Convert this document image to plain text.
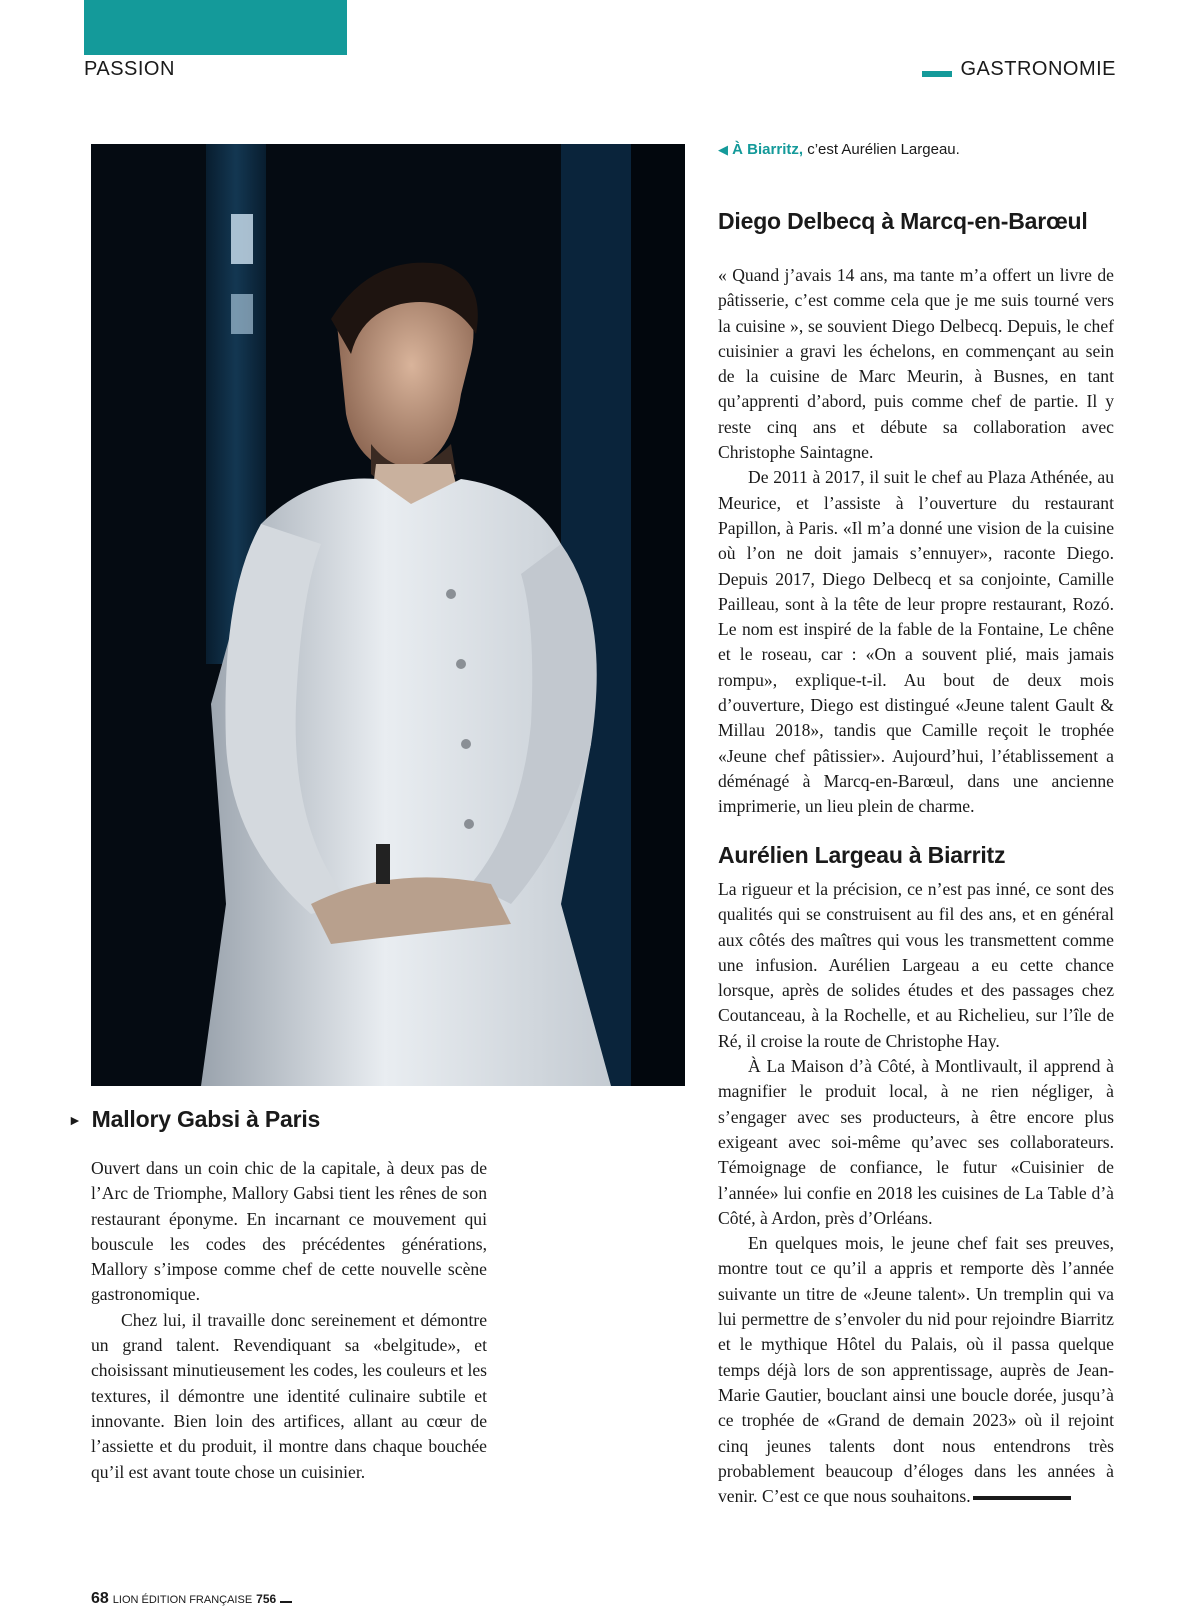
PASSION	GASTRONOMIE
◀ À Biarritz, c’est Aurélien Largeau.
Diego Delbecq à Marcq-en-Barœul

« Quand j’avais 14 ans, ma tante m’a offert un livre de pâtisserie, c’est comme cela que je me suis tourné vers la cuisine », se souvient Diego Delbecq. Depuis, le chef cuisinier a gravi les échelons, en commençant au sein de la cuisine de Marc Meurin, à Busnes, en tant qu’apprenti d’abord, puis comme chef de partie. Il y reste cinq ans et débute sa collaboration avec Christophe Saintagne.

De 2011 à 2017, il suit le chef au Plaza Athénée, au Meurice, et l’assiste à l’ouverture du restaurant Papillon, à Paris. «Il m’a donné une vision de la cuisine où l’on ne doit jamais s’ennuyer», raconte Diego. Depuis 2017, Diego Delbecq et sa conjointe, Camille Pailleau, sont à la tête de leur propre restaurant, Rozó. Le nom est inspiré de la fable de la Fontaine, Le chêne et le roseau, car : «On a souvent plié, mais jamais rompu», explique-t-il. Au bout de deux mois d’ouverture, Diego est distingué «Jeune talent Gault & Millau 2018», tandis que Camille reçoit le trophée «Jeune chef pâtissier». Aujourd’hui, l’établissement a déménagé à Marcq-en-Barœul, dans une ancienne imprimerie, un lieu plein de charme.

Aurélien Largeau à Biarritz

La rigueur et la précision, ce n’est pas inné, ce sont des qualités qui se construisent au fil des ans, et en général aux côtés des maîtres qui vous les transmettent comme une infusion. Aurélien Largeau a eu cette chance lorsque, après de solides études et des passages chez Coutanceau, à la Rochelle, et au Richelieu, sur l’île de Ré, il croise la route de Christophe Hay.

À La Maison d’à Côté, à Montlivault, il apprend à magnifier le produit local, à ne rien négliger, à s’engager avec ses producteurs, à être encore plus exigeant avec soi-même qu’avec ses collaborateurs. Témoignage de confiance, le futur «Cuisinier de l’année» lui confie en 2018 les cuisines de La Table d’à Côté, à Ardon, près d’Orléans.

En quelques mois, le jeune chef fait ses preuves, montre tout ce qu’il a appris et remporte dès l’année suivante un titre de «Jeune talent». Un tremplin qui va lui permettre de s’envoler du nid pour rejoindre Biarritz et le mythique Hôtel du Palais, où il passa quelque temps déjà lors de son apprentissage, auprès de Jean-Marie Gautier, bouclant ainsi une boucle dorée, jusqu’à ce trophée de «Grand de demain 2023» où il rejoint cinq jeunes talents dont nous entendrons très probablement beaucoup d’éloges dans les années à venir. C’est ce que nous souhaitons.

► Mallory Gabsi à Paris

Ouvert dans un coin chic de la capitale, à deux pas de l’Arc de Triomphe, Mallory Gabsi tient les rênes de son restaurant éponyme. En incarnant ce mouvement qui bouscule les codes des précédentes générations, Mallory s’impose comme chef de cette nouvelle scène gastronomique.

Chez lui, il travaille donc sereinement et démontre un grand talent. Revendiquant sa «belgitude», et choisissant minutieusement les codes, les couleurs et les textures, il démontre une identité culinaire subtile et innovante. Bien loin des artifices, allant au cœur de l’assiette et du produit, il montre dans chaque bouchée qu’il est avant toute chose un cuisinier.

68 LION ÉDITION FRANÇAISE 756
